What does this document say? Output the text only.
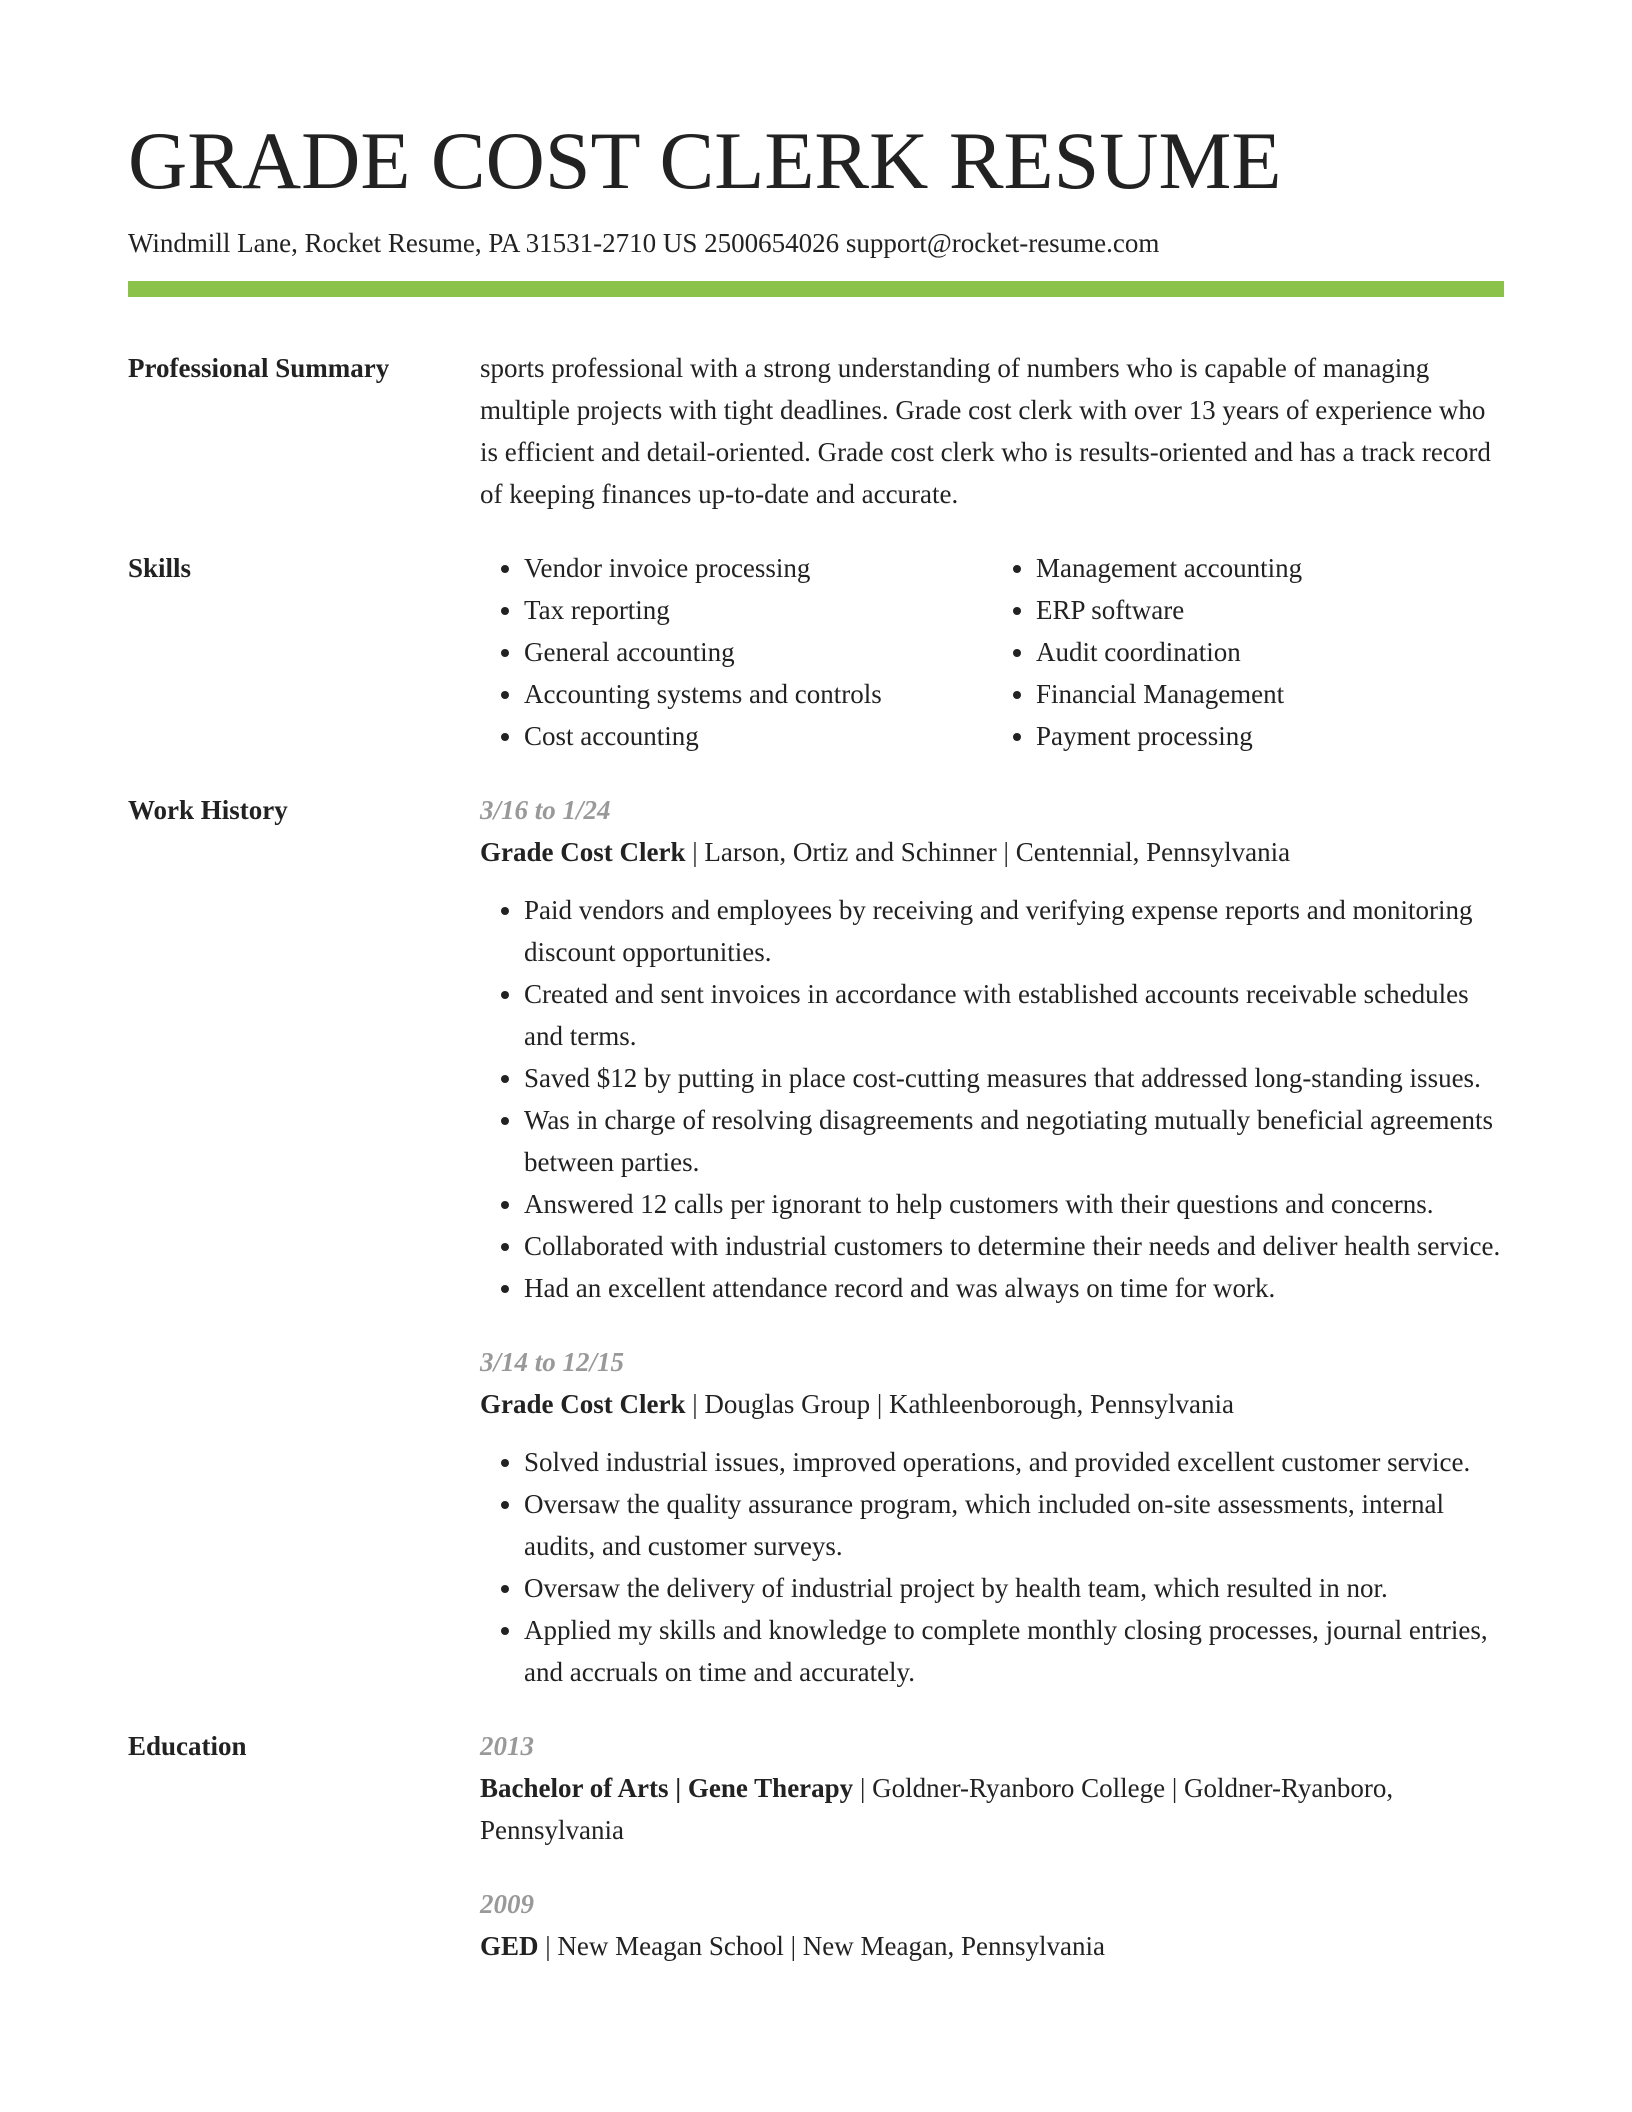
GRADE COST CLERK RESUME
Windmill Lane, Rocket Resume, PA 31531-2710 US 2500654026 support@rocket-resume.com
Professional Summary	sports professional with a strong understanding of numbers who is capable of managing multiple projects with tight deadlines. Grade cost clerk with over 13 years of experience who is efficient and detail-oriented. Grade cost clerk who is results-oriented and has a track record of keeping finances up-to-date and accurate.
Skills
•	Vendor invoice processing
• Tax reporting
• General accounting
• Accounting systems and controls
• Cost accounting
• Management accounting
• ERP software
• Audit coordination
• Financial Management
• Payment processing
Work History	3/16 to 1/24
Grade Cost Clerk | Larson, Ortiz and Schinner | Centennial, Pennsylvania
• Paid vendors and employees by receiving and verifying expense reports and monitoring discount opportunities.
• Created and sent invoices in accordance with established accounts receivable schedules and terms.
• Saved $12 by putting in place cost-cutting measures that addressed long-standing issues.
• Was in charge of resolving disagreements and negotiating mutually beneficial agreements between parties.
• Answered 12 calls per ignorant to help customers with their questions and concerns.
• Collaborated with industrial customers to determine their needs and deliver health service.
• Had an excellent attendance record and was always on time for work.
3/14 to 12/15
Grade Cost Clerk | Douglas Group | Kathleenborough, Pennsylvania
• Solved industrial issues, improved operations, and provided excellent customer service.
• Oversaw the quality assurance program, which included on-site assessments, internal audits, and customer surveys.
• Oversaw the delivery of industrial project by health team, which resulted in nor.
• Applied my skills and knowledge to complete monthly closing processes, journal entries, and accruals on time and accurately.
Education	2013
Bachelor of Arts | Gene Therapy | Goldner-Ryanboro College | Goldner-Ryanboro, Pennsylvania
2009
GED | New Meagan School | New Meagan, Pennsylvania
